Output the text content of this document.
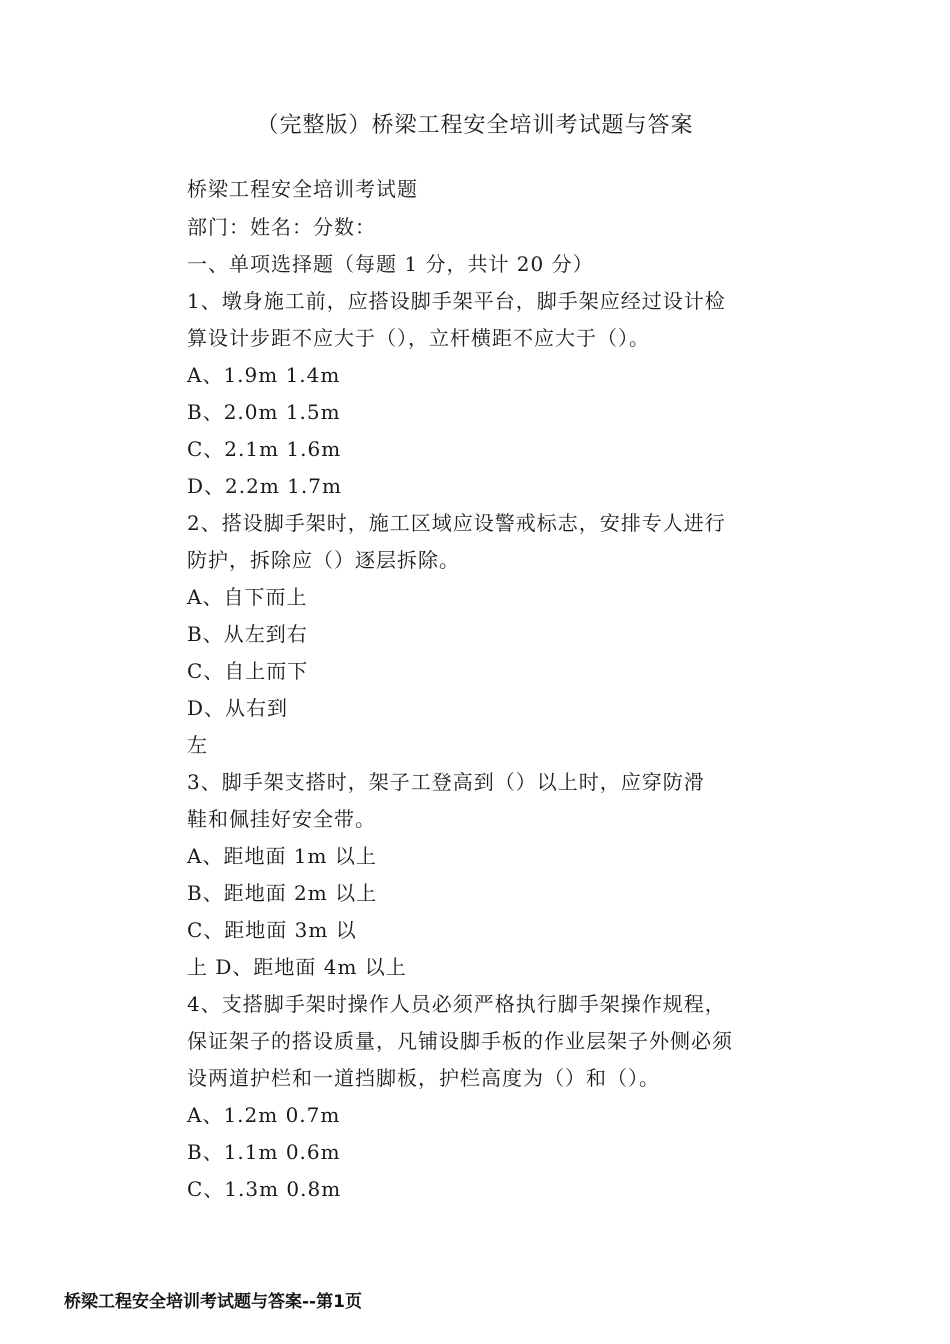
（完整版）桥梁工程安全培训考试题与答案
桥梁工程安全培训考试题
部门：姓名：分数：
一、单项选择题（每题 1 分，共计 20 分）
1、墩身施工前，应搭设脚手架平台，脚手架应经过设计检
算设计步距不应大于（），立杆横距不应大于（）。
A、1.9m 1.4m
B、2.0m 1.5m
C、2.1m 1.6m
D、2.2m 1.7m
2、搭设脚手架时，施工区域应设警戒标志，安排专人进行
防护，拆除应（）逐层拆除。
A、自下而上
B、从左到右
C、自上而下
D、从右到
左
3、脚手架支搭时，架子工登高到（）以上时，应穿防滑
鞋和佩挂好安全带。
A、距地面 1m 以上
B、距地面 2m 以上
C、距地面 3m 以
上 D、距地面 4m 以上
4、支搭脚手架时操作人员必须严格执行脚手架操作规程，
保证架子的搭设质量，凡铺设脚手板的作业层架子外侧必须
设两道护栏和一道挡脚板，护栏高度为（）和（）。
A、1.2m 0.7m
B、1.1m 0.6m
C、1.3m 0.8m
桥梁工程安全培训考试题与答案--第1页
